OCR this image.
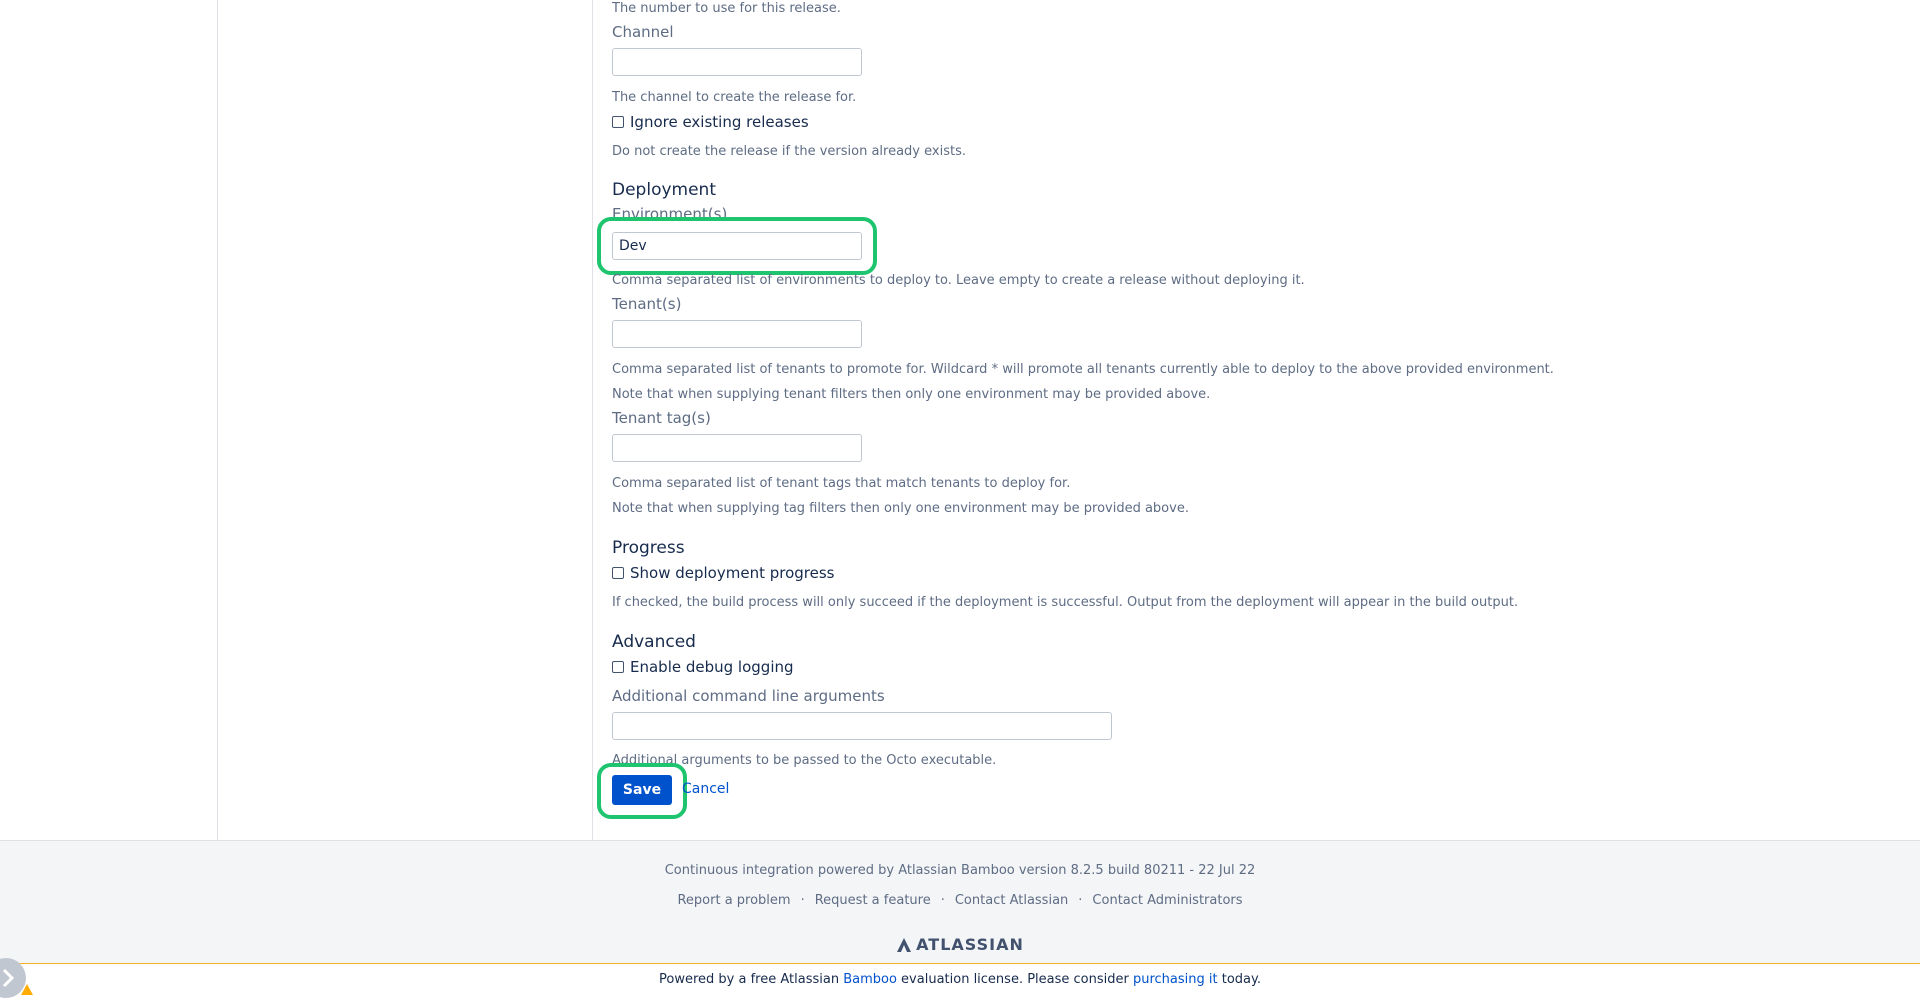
The number to use for this release.
Channel
The channel to create the release for.
Ignore existing releases
Do not create the release if the version already exists.
Deployment
Environment(s)
Dev
Comma separated list of environments to deploy to. Leave empty to create a release without deploying it.
Tenant(s)
Comma separated list of tenants to promote for. Wildcard * will promote all tenants currently able to deploy to the above provided environment.
Note that when supplying tenant filters then only one environment may be provided above.
Tenant tag(s)
Comma separated list of tenant tags that match tenants to deploy for.
Note that when supplying tag filters then only one environment may be provided above.
Progress
Show deployment progress
If checked, the build process will only succeed if the deployment is successful. Output from the deployment will appear in the build output.
Advanced
Enable debug logging
Additional command line arguments
Additional arguments to be passed to the Octo executable.
Save	Cancel
Continuous integration powered by Atlassian Bamboo version 8.2.5 build 80211 - 22 Jul 22
Report a problem · Request a feature · Contact Atlassian · Contact Administrators
ATLASSIAN
Powered by a free Atlassian Bamboo evaluation license. Please consider purchasing it today.
